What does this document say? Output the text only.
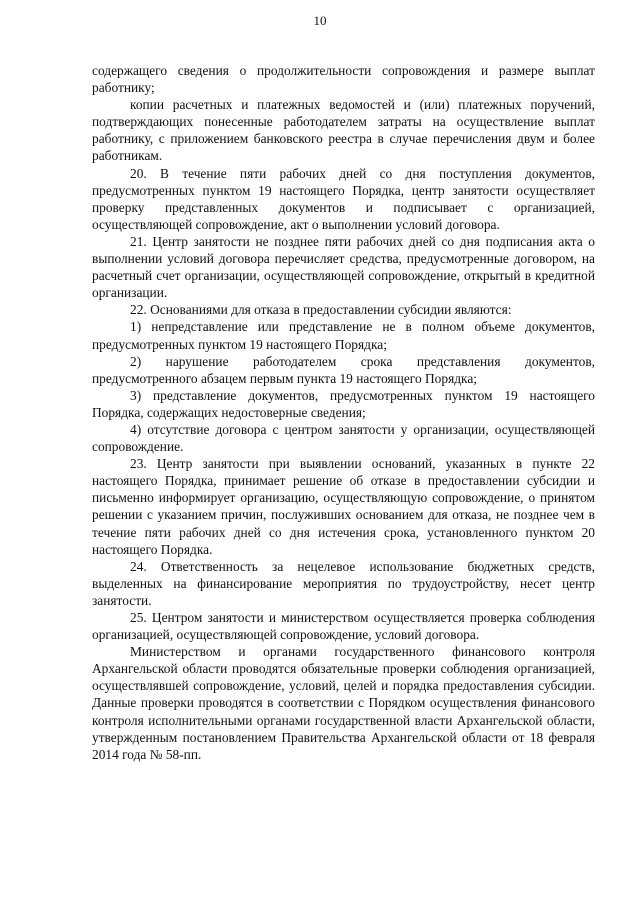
10

содержащего сведения о продолжительности сопровождения и размере выплат работнику;

копии расчетных и платежных ведомостей и (или) платежных поручений, подтверждающих понесенные работодателем затраты на осуществление выплат работнику, с приложением банковского реестра в случае перечисления двум и более работникам.

20. В течение пяти рабочих дней со дня поступления документов, предусмотренных пунктом 19 настоящего Порядка, центр занятости осуществляет проверку представленных документов и подписывает с организацией, осуществляющей сопровождение, акт о выполнении условий договора.

21. Центр занятости не позднее пяти рабочих дней со дня подписания акта о выполнении условий договора перечисляет средства, предусмотренные договором, на расчетный счет организации, осуществляющей сопровождение, открытый в кредитной организации.

22. Основаниями для отказа в предоставлении субсидии являются:

1) непредставление или представление не в полном объеме документов, предусмотренных пунктом 19 настоящего Порядка;

2) нарушение работодателем срока представления документов, предусмотренного абзацем первым пункта 19 настоящего Порядка;

3) представление документов, предусмотренных пунктом 19 настоящего Порядка, содержащих недостоверные сведения;

4) отсутствие договора с центром занятости у организации, осуществляющей сопровождение.

23. Центр занятости при выявлении оснований, указанных в пункте 22 настоящего Порядка, принимает решение об отказе в предоставлении субсидии и письменно информирует организацию, осуществляющую сопровождение, о принятом решении с указанием причин, послуживших основанием для отказа, не позднее чем в течение пяти рабочих дней со дня истечения срока, установленного пунктом 20 настоящего Порядка.

24. Ответственность за нецелевое использование бюджетных средств, выделенных на финансирование мероприятия по трудоустройству, несет центр занятости.

25. Центром занятости и министерством осуществляется проверка соблюдения организацией, осуществляющей сопровождение, условий договора.

Министерством и органами государственного финансового контроля Архангельской области проводятся обязательные проверки соблюдения организацией, осуществлявшей сопровождение, условий, целей и порядка предоставления субсидии. Данные проверки проводятся в соответствии с Порядком осуществления финансового контроля исполнительными органами государственной власти Архангельской области, утвержденным постановлением Правительства Архангельской области от 18 февраля 2014 года № 58-пп.
